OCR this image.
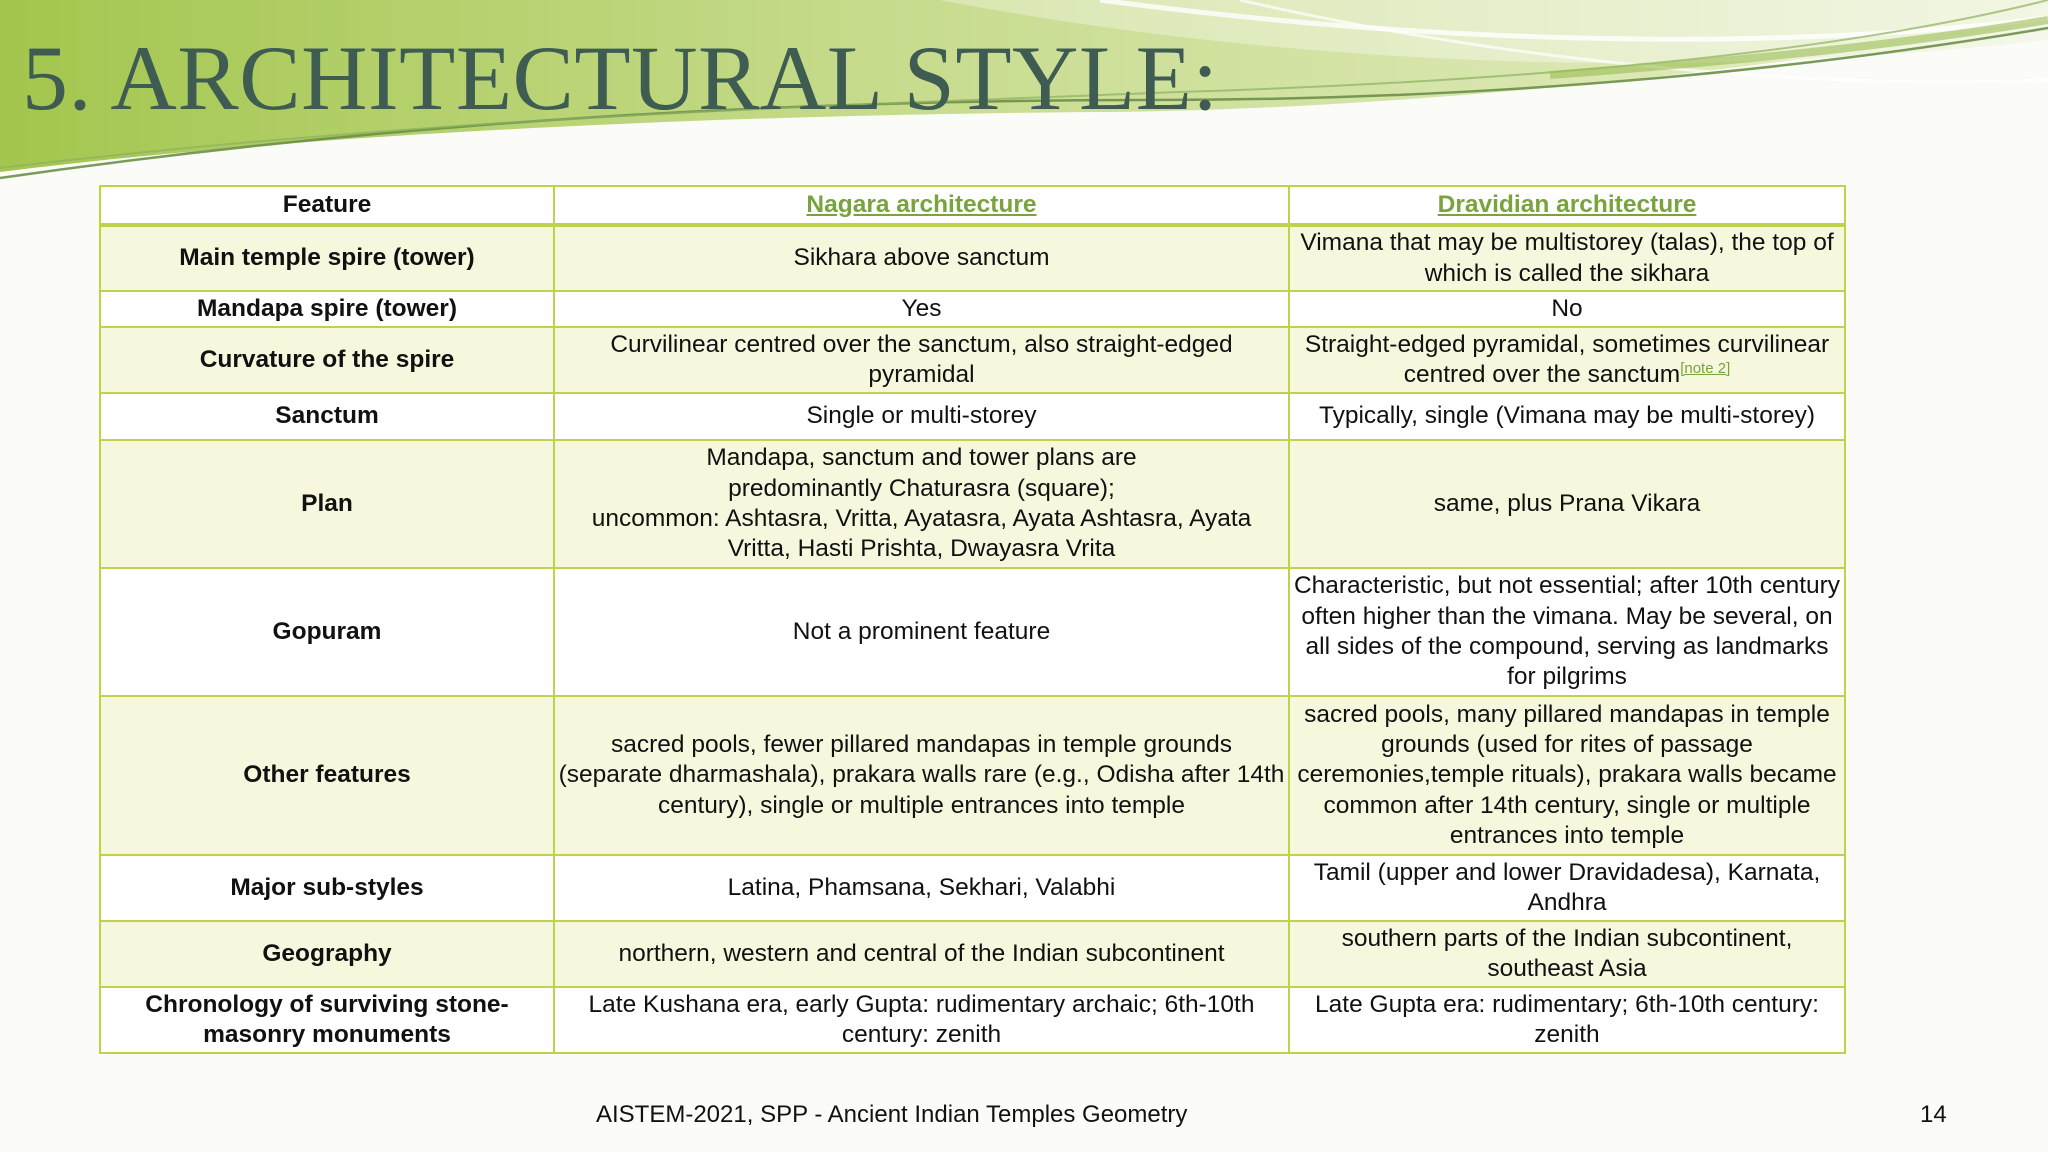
5. ARCHITECTURAL STYLE:
Feature	Nagara architecture	Dravidian architecture
Main temple spire (tower)	Sikhara above sanctum	Vimana that may be multistorey (talas), the top of which is called the sikhara
Mandapa spire (tower)	Yes	No
Curvature of the spire	Curvilinear centred over the sanctum, also straight-edged pyramidal	Straight-edged pyramidal, sometimes curvilinear centred over the sanctum[note 2]
Sanctum	Single or multi-storey	Typically, single (Vimana may be multi-storey)
Plan	Mandapa, sanctum and tower plans are
predominantly Chaturasra (square);
uncommon: Ashtasra, Vritta, Ayatasra, Ayata Ashtasra, Ayata Vritta, Hasti Prishta, Dwayasra Vrita	same, plus Prana Vikara
Gopuram	Not a prominent feature	Characteristic, but not essential; after 10th century often higher than the vimana. May be several, on all sides of the compound, serving as landmarks for pilgrims
Other features	sacred pools, fewer pillared mandapas in temple grounds (separate dharmashala), prakara walls rare (e.g., Odisha after 14th century), single or multiple entrances into temple	sacred pools, many pillared mandapas in temple grounds (used for rites of passage ceremonies,temple rituals), prakara walls became common after 14th century, single or multiple entrances into temple
Major sub-styles	Latina, Phamsana, Sekhari, Valabhi	Tamil (upper and lower Dravidadesa), Karnata, Andhra
Geography	northern, western and central of the Indian subcontinent	southern parts of the Indian subcontinent, southeast Asia
Chronology of surviving stone-masonry monuments	Late Kushana era, early Gupta: rudimentary archaic; 6th-10th century: zenith	Late Gupta era: rudimentary; 6th-10th century: zenith
AISTEM-2021, SPP - Ancient Indian Temples Geometry	14
